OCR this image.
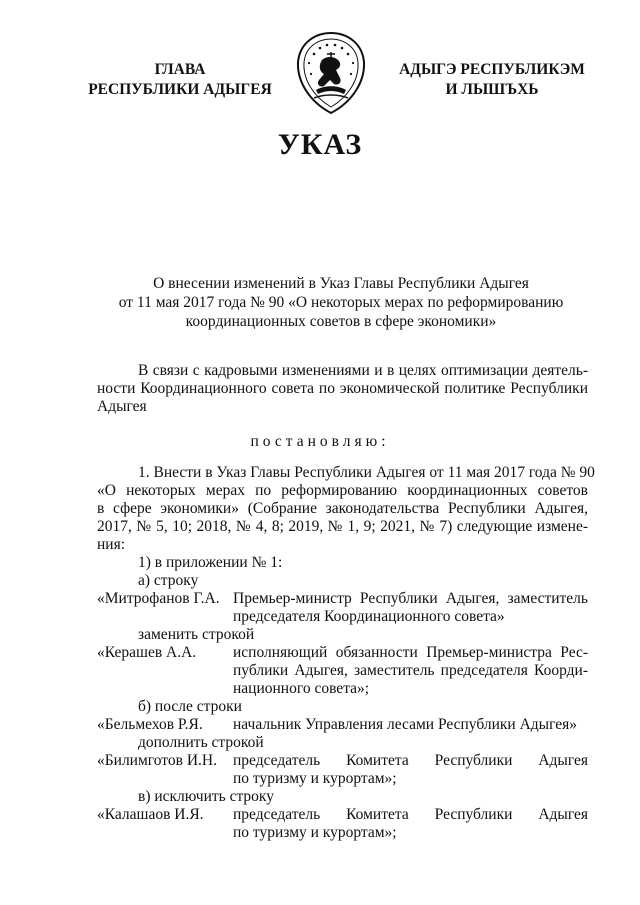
ГЛАВА
РЕСПУБЛИКИ АДЫГЕЯ
АДЫГЭ РЕСПУБЛИКЭМ
И ЛЫШЪХЬ
УКАЗ
О внесении изменений в Указ Главы Республики Адыгея
от 11 мая 2017 года № 90 «О некоторых мерах по реформированию
координационных советов в сфере экономики»
В связи с кадровыми изменениями и в целях оптимизации деятель-
ности Координационного совета по экономической политике Республики
Адыгея
постановляю:
1. Внести в Указ Главы Республики Адыгея от 11 мая 2017 года № 90
«О некоторых мерах по реформированию координационных советов
в сфере экономики» (Собрание законодательства Республики Адыгея,
2017, № 5, 10; 2018, № 4, 8; 2019, № 1, 9; 2021, № 7) следующие измене-
ния:
1) в приложении № 1:
а) строку
«Митрофанов Г.А. Премьер-министр Республики Адыгея, заместитель
председателя Координационного совета»
заменить строкой
«Керашев А.А. исполняющий обязанности Премьер-министра Рес-
публики Адыгея, заместитель председателя Коорди-
национного совета»;
б) после строки
«Бельмехов Р.Я. начальник Управления лесами Республики Адыгея»
дополнить строкой
«Билимготов И.Н. председатель Комитета Республики Адыгея
по туризму и курортам»;
в) исключить строку
«Калашаов И.Я. председатель Комитета Республики Адыгея
по туризму и курортам»;
